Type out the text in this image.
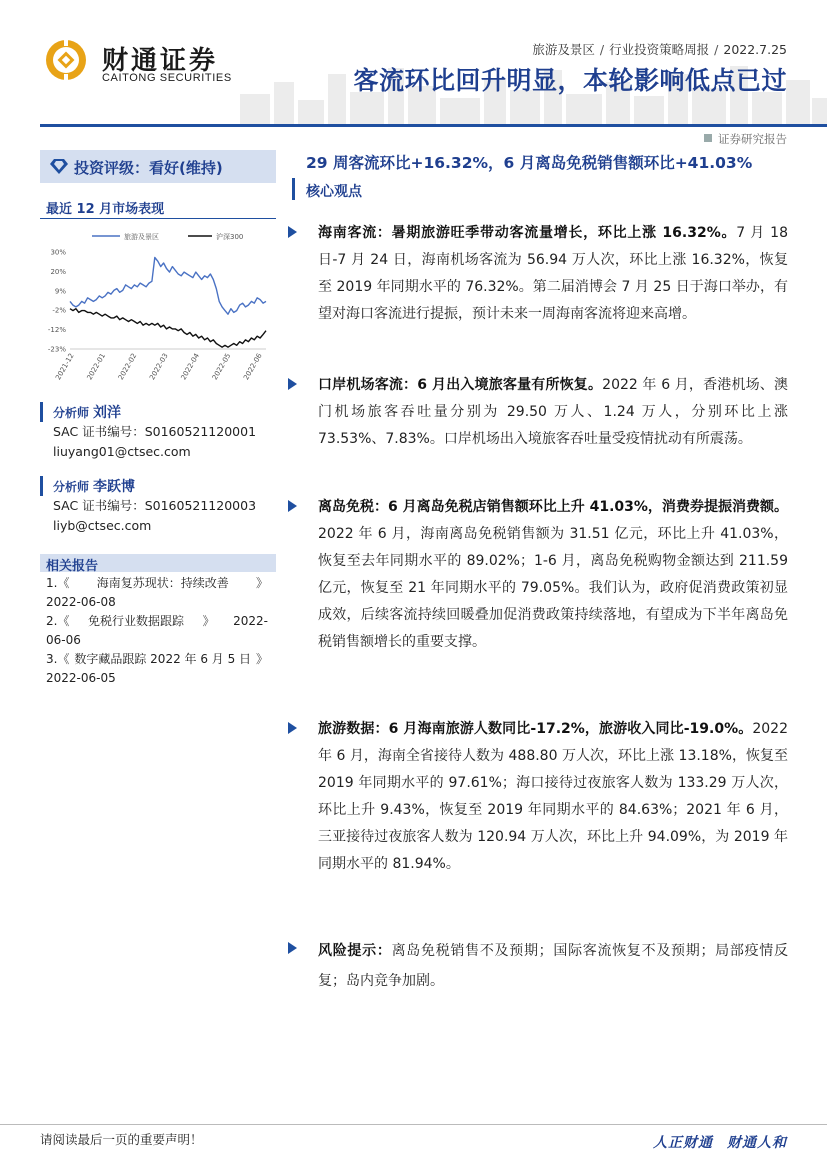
财通证券
CAITONG SECURITIES
旅游及景区 / 行业投资策略周报 / 2022.7.25
客流环比回升明显，本轮影响低点已过
证券研究报告
投资评级：看好(维持)
最近 12 月市场表现
旅游及景区	沪深300
30%
20%
9%
-2%
-12%
-23%
2021-12 2022-01 2022-02 2022-03 2022-04 2022-05 2022-06
分析师 刘洋
SAC 证书编号：S0160521120001
liuyang01@ctsec.com
分析师 李跃博
SAC 证书编号：S0160521120003
liyb@ctsec.com
相关报告
1.《 海南复苏现状：持续改善 》
2022-06-08
2.《 免税行业数据跟踪 》 2022-
06-06
3.《 数字藏品跟踪 2022 年 6 月 5 日 》
2022-06-05
29 周客流环比+16.32%，6 月离岛免税销售额环比+41.03%
核心观点
海南客流：暑期旅游旺季带动客流量增长，环比上涨 16.32%。7 月 18 日-7 月 24 日，海南机场客流为 56.94 万人次，环比上涨 16.32%，恢复至 2019 年同期水平的 76.32%。第二届消博会 7 月 25 日于海口举办，有望对海口客流进行提振，预计未来一周海南客流将迎来高增。
口岸机场客流：6 月出入境旅客量有所恢复。2022 年 6 月，香港机场、澳门机场旅客吞吐量分别为 29.50 万人、1.24 万人，分别环比上涨 73.53%、7.83%。口岸机场出入境旅客吞吐量受疫情扰动有所震荡。
离岛免税：6 月离岛免税店销售额环比上升 41.03%，消费券提振消费额。2022 年 6 月，海南离岛免税销售额为 31.51 亿元，环比上升 41.03%，恢复至去年同期水平的 89.02%；1-6 月，离岛免税购物金额达到 211.59 亿元，恢复至 21 年同期水平的 79.05%。我们认为，政府促消费政策初显成效，后续客流持续回暖叠加促消费政策持续落地，有望成为下半年离岛免税销售额增长的重要支撑。
旅游数据：6 月海南旅游人数同比-17.2%，旅游收入同比-19.0%。2022 年 6 月，海南全省接待人数为 488.80 万人次，环比上涨 13.18%，恢复至 2019 年同期水平的 97.61%；海口接待过夜旅客人数为 133.29 万人次，环比上升 9.43%，恢复至 2019 年同期水平的 84.63%；2021 年 6 月，三亚接待过夜旅客人数为 120.94 万人次，环比上升 94.09%，为 2019 年同期水平的 81.94%。
风险提示：离岛免税销售不及预期；国际客流恢复不及预期；局部疫情反复；岛内竞争加剧。
请阅读最后一页的重要声明！	人正财通 财通人和
